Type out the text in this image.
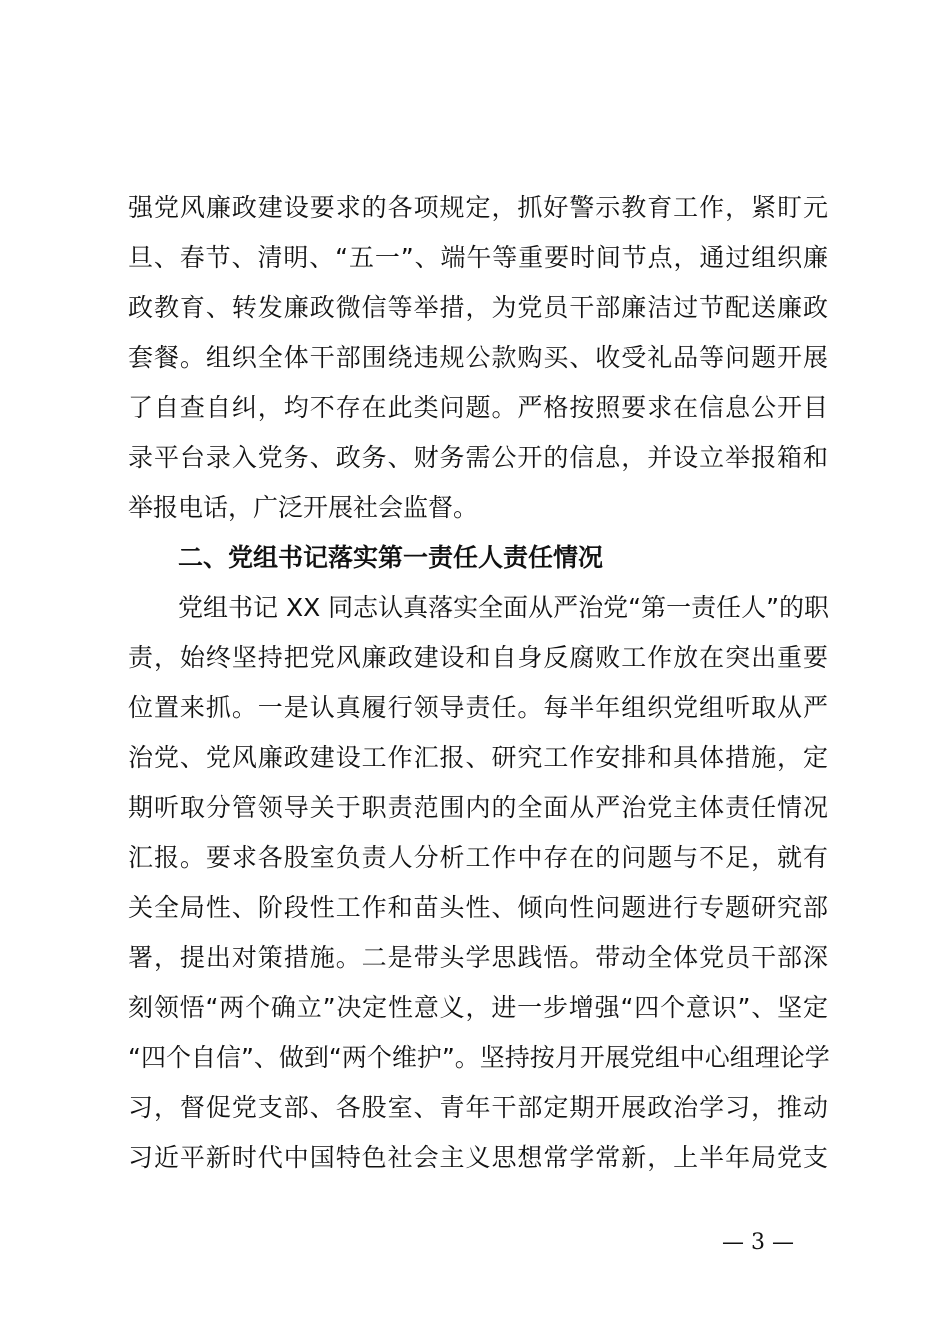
强党风廉政建设要求的各项规定，抓好警示教育工作，紧盯元
旦、春节、清明、“五一”、端午等重要时间节点，通过组织廉
政教育、转发廉政微信等举措，为党员干部廉洁过节配送廉政
套餐。组织全体干部围绕违规公款购买、收受礼品等问题开展
了自查自纠，均不存在此类问题。严格按照要求在信息公开目
录平台录入党务、政务、财务需公开的信息，并设立举报箱和
举报电话，广泛开展社会监督。
二、党组书记落实第一责任人责任情况
党组书记 XX 同志认真落实全面从严治党“第一责任人”的职
责，始终坚持把党风廉政建设和自身反腐败工作放在突出重要
位置来抓。一是认真履行领导责任。每半年组织党组听取从严
治党、党风廉政建设工作汇报、研究工作安排和具体措施，定
期听取分管领导关于职责范围内的全面从严治党主体责任情况
汇报。要求各股室负责人分析工作中存在的问题与不足，就有
关全局性、阶段性工作和苗头性、倾向性问题进行专题研究部
署，提出对策措施。二是带头学思践悟。带动全体党员干部深
刻领悟“两个确立”决定性意义，进一步增强“四个意识”、坚定
“四个自信”、做到“两个维护”。坚持按月开展党组中心组理论学
习，督促党支部、各股室、青年干部定期开展政治学习，推动
习近平新时代中国特色社会主义思想常学常新，上半年局党支
— 3 —
